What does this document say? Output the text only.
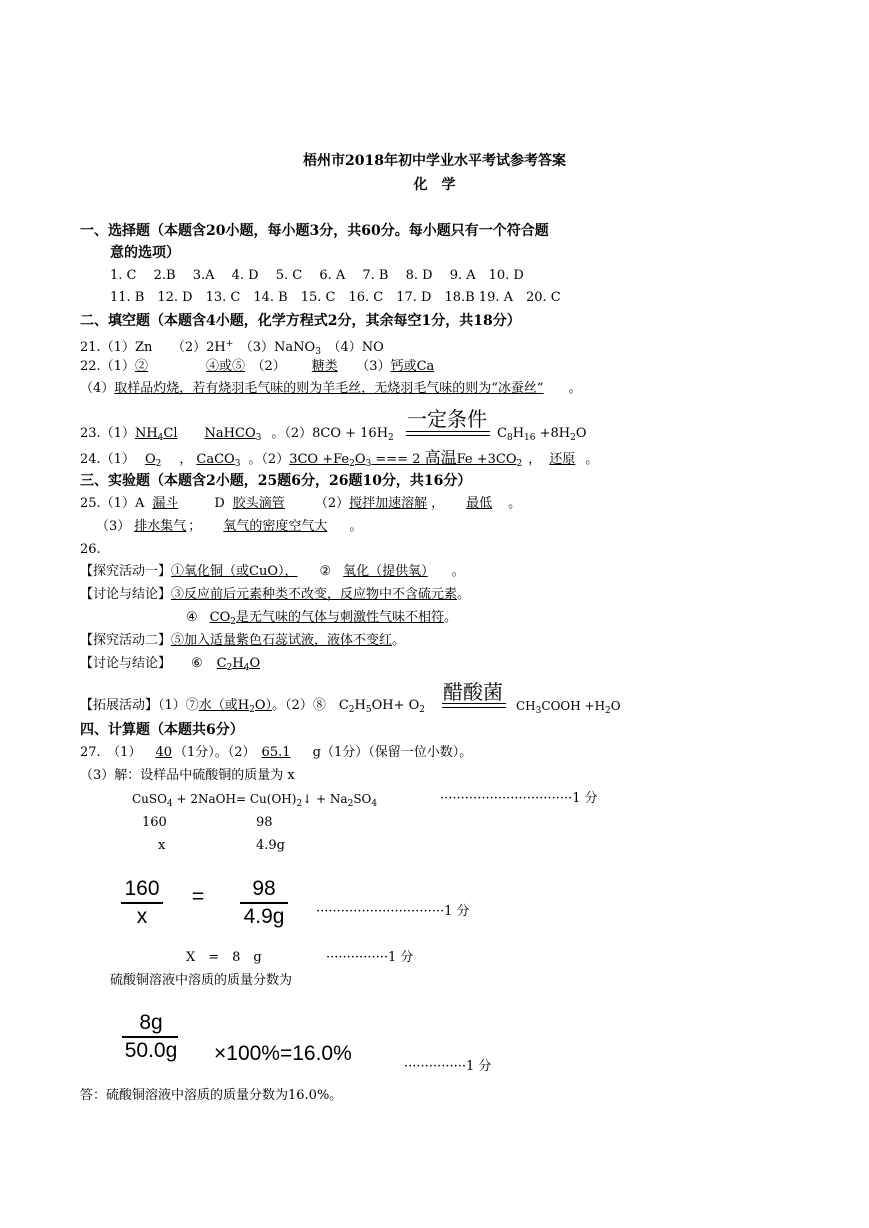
梧州市2018年初中学业水平考试参考答案
化　学
一、选择题（本题含20小题，每小题3分，共60分。每小题只有一个符合题
意的选项）
1. C　 2.B　 3.A　 4. D　 5. C　 6. A　 7. B　 8. D　 9. A　10. D
11. B　12. D　13. C　14. B　15. C　16. C　17. D　18.B 19. A　20. C
二、填空题（本题含4小题，化学方程式2分，其余每空1分，共18分）
21.（1）Zn　　（2）2H+　（3）NaNO$_3$　（4）NO
22.（1）②　　	④或⑤　（2） 糖类　（3）钙或Ca
（4）取样品灼烧，若有烧羽毛气味的则为羊毛丝，无烧羽毛气味的则为“冰蚕丝”　。
一定条件
$23.(1)NH_4Cl$　 NaHCO$_3$ 。$(2)8CO + 16H_2$	$C_8H_{16} +8H_2O$
24.（1） $O_2$ ， CaCO$_3$ 。$(2)3CO +Fe_2O_3$ === 2 高温$Fe +3CO_2$ ， 还原 。
三、实验题（本题含2小题，25题6分，26题10分，共16分）
25.（1）A 漏斗	D 胶头滴管 （2）搅拌加速溶解 ， 最低 。
（3） 排水集气 ； 氧气的密度空气大 。
26.
【探究活动一】①氧化铜（或CuO）， ② 氧化（提供氧） 。
【讨论与结论】③反应前后元素种类不改变，反应物中不含硫元素。
④ $CO_2$是无气味的气体与刺激性气味不相符。
【探究活动二】⑤加入适量紫色石蕊试液，液体不变红。
【讨论与结论】 ⑥ $C_2H_4O$
醋酸菌
【拓展活动】（1）⑦水（或$H_2O$）。（2）⑧　$C_2H_5OH+ O_2$	$CH_3COOH +H_2O$
四、计算题（本题共6分）
27.　（1） 40 （1分）。（2） 65.1 g（1分）（保留一位小数）。
（3）解：设样品中硫酸铜的质量为 x
CuSO$_4$ + 2NaOH= $Cu(OH)_2↓ + Na_2SO_4$	································1 分
160	98
x	4.9g
160
x
=	98
4.9g	·······························1 分
X　=　8　g	···············1 分
硫酸铜溶液中溶质的质量分数为
8g
50.0g ×100%=16.0%
···············1 分
答：硫酸铜溶液中溶质的质量分数为16.0%。
